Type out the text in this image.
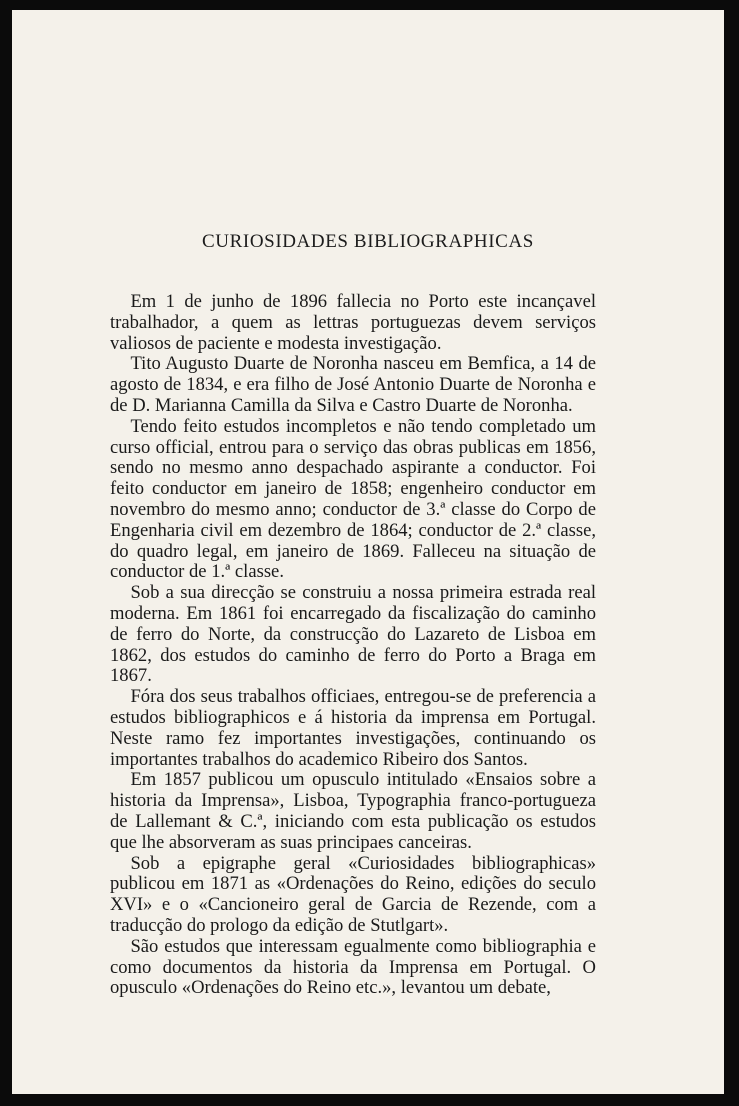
CURIOSIDADES BIBLIOGRAPHICAS

Em 1 de junho de 1896 fallecia no Porto este incançavel trabalhador, a quem as lettras portuguezas devem serviços valiosos de paciente e modesta investigação.

Tito Augusto Duarte de Noronha nasceu em Bemfica, a 14 de agosto de 1834, e era filho de José Antonio Duarte de Noronha e de D. Marianna Camilla da Silva e Castro Duarte de Noronha.

Tendo feito estudos incompletos e não tendo completado um curso official, entrou para o serviço das obras publicas em 1856, sendo no mesmo anno despachado aspirante a conductor. Foi feito conductor em janeiro de 1858; engenheiro conductor em novembro do mesmo anno; conductor de 3.ª classe do Corpo de Engenharia civil em dezembro de 1864; conductor de 2.ª classe, do quadro legal, em janeiro de 1869. Falleceu na situação de conductor de 1.ª classe.

Sob a sua direcção se construiu a nossa primeira estrada real moderna. Em 1861 foi encarregado da fiscalização do caminho de ferro do Norte, da construcção do Lazareto de Lisboa em 1862, dos estudos do caminho de ferro do Porto a Braga em 1867.

Fóra dos seus trabalhos officiaes, entregou-se de preferencia a estudos bibliographicos e á historia da imprensa em Portugal. Neste ramo fez importantes investigações, continuando os importantes trabalhos do academico Ribeiro dos Santos.

Em 1857 publicou um opusculo intitulado «Ensaios sobre a historia da Imprensa», Lisboa, Typographia franco-portugueza de Lallemant & C.ª, iniciando com esta publicação os estudos que lhe absorveram as suas principaes canceiras.

Sob a epigraphe geral «Curiosidades bibliographicas» publicou em 1871 as «Ordenações do Reino, edições do seculo XVI» e o «Cancioneiro geral de Garcia de Rezende, com a traducção do prologo da edição de Stutlgart».

São estudos que interessam egualmente como bibliographia e como documentos da historia da Imprensa em Portugal. O opusculo «Ordenações do Reino etc.», levantou um debate,
